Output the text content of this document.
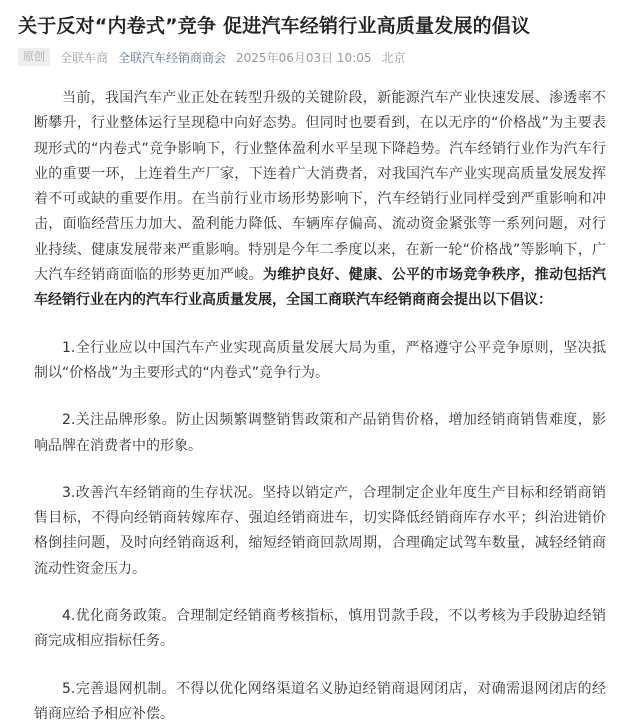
关于反对“内卷式”竞争 促进汽车经销行业高质量发展的倡议
原创	全联车商 全联汽车经销商商会 2025年06月03日 10:05 北京

当前，我国汽车产业正处在转型升级的关键阶段，新能源汽车产业快速发展、渗透率不断攀升，行业整体运行呈现稳中向好态势。但同时也要看到，在以无序的“价格战”为主要表现形式的“内卷式”竞争影响下，行业整体盈利水平呈现下降趋势。汽车经销行业作为汽车行业的重要一环，上连着生产厂家，下连着广大消费者，对我国汽车产业实现高质量发展发挥着不可或缺的重要作用。在当前行业市场形势影响下，汽车经销行业同样受到严重影响和冲击，面临经营压力加大、盈利能力降低、车辆库存偏高、流动资金紧张等一系列问题，对行业持续、健康发展带来严重影响。特别是今年二季度以来，在新一轮“价格战”等影响下，广大汽车经销商面临的形势更加严峻。为维护良好、健康、公平的市场竞争秩序，推动包括汽车经销行业在内的汽车行业高质量发展，全国工商联汽车经销商商会提出以下倡议：

1.全行业应以中国汽车产业实现高质量发展大局为重，严格遵守公平竞争原则，坚决抵制以“价格战”为主要形式的“内卷式”竞争行为。

2.关注品牌形象。防止因频繁调整销售政策和产品销售价格，增加经销商销售难度，影响品牌在消费者中的形象。

3.改善汽车经销商的生存状况。坚持以销定产，合理制定企业年度生产目标和经销商销售目标，不得向经销商转嫁库存、强迫经销商进车，切实降低经销商库存水平；纠治进销价格倒挂问题，及时向经销商返利，缩短经销商回款周期，合理确定试驾车数量，减轻经销商流动性资金压力。

4.优化商务政策。合理制定经销商考核指标，慎用罚款手段，不以考核为手段胁迫经销商完成相应指标任务。

5.完善退网机制。不得以优化网络渠道名义胁迫经销商退网闭店，对确需退网闭店的经销商应给予相应补偿。
